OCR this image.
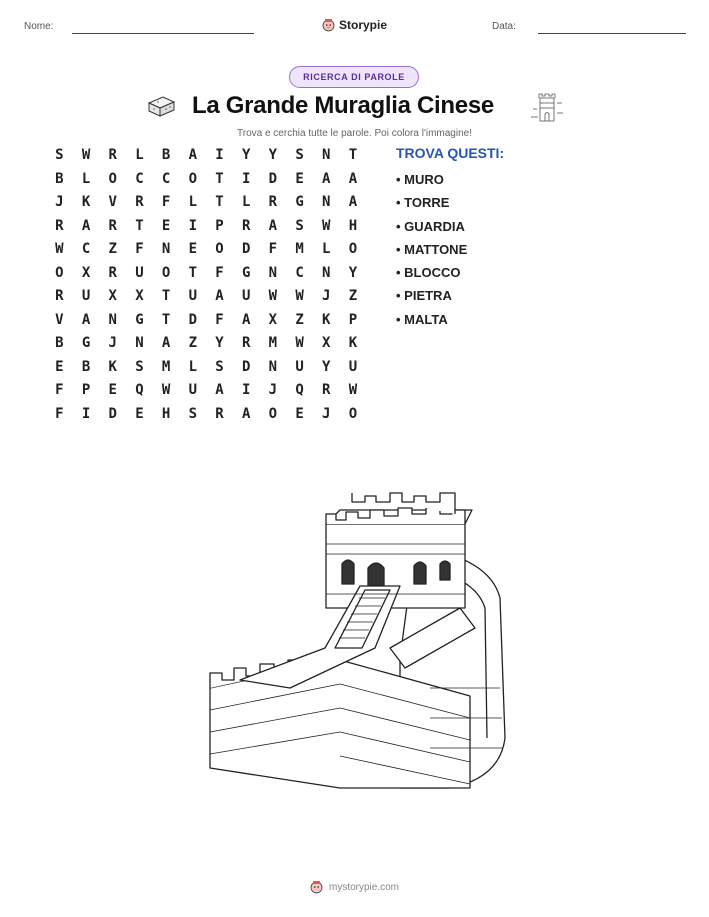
Nome:	Storypie	Data:
RICERCA DI PAROLE
La Grande Muraglia Cinese
Trova e cerchia tutte le parole. Poi colora l'immagine!
S	W	R	L	B	A	I	Y	Y	S	N	T
B	L	O	C	C	O	T	I	D	E	A	A
J	K	V	R	F	L	T	L	R	G	N	A
R	A	R	T	E	I	P	R	A	S	W	H
W	C	Z	F	N	E	O	D	F	M	L	O
O	X	R	U	O	T	F	G	N	C	N	Y
R	U	X	X	T	U	A	U	W	W	J	Z
V	A	N	G	T	D	F	A	X	Z	K	P
B	G	J	N	A	Z	Y	R	M	W	X	K
E	B	K	S	M	L	S	D	N	U	Y	U
F	P	E	Q	W	U	A	I	J	Q	R	W
F	I	D	E	H	S	R	A	O	E	J	O
TROVA QUESTI:
• MURO
• TORRE
• GUARDIA
• MATTONE
• BLOCCO
• PIETRA
• MALTA
mystorypie.com
